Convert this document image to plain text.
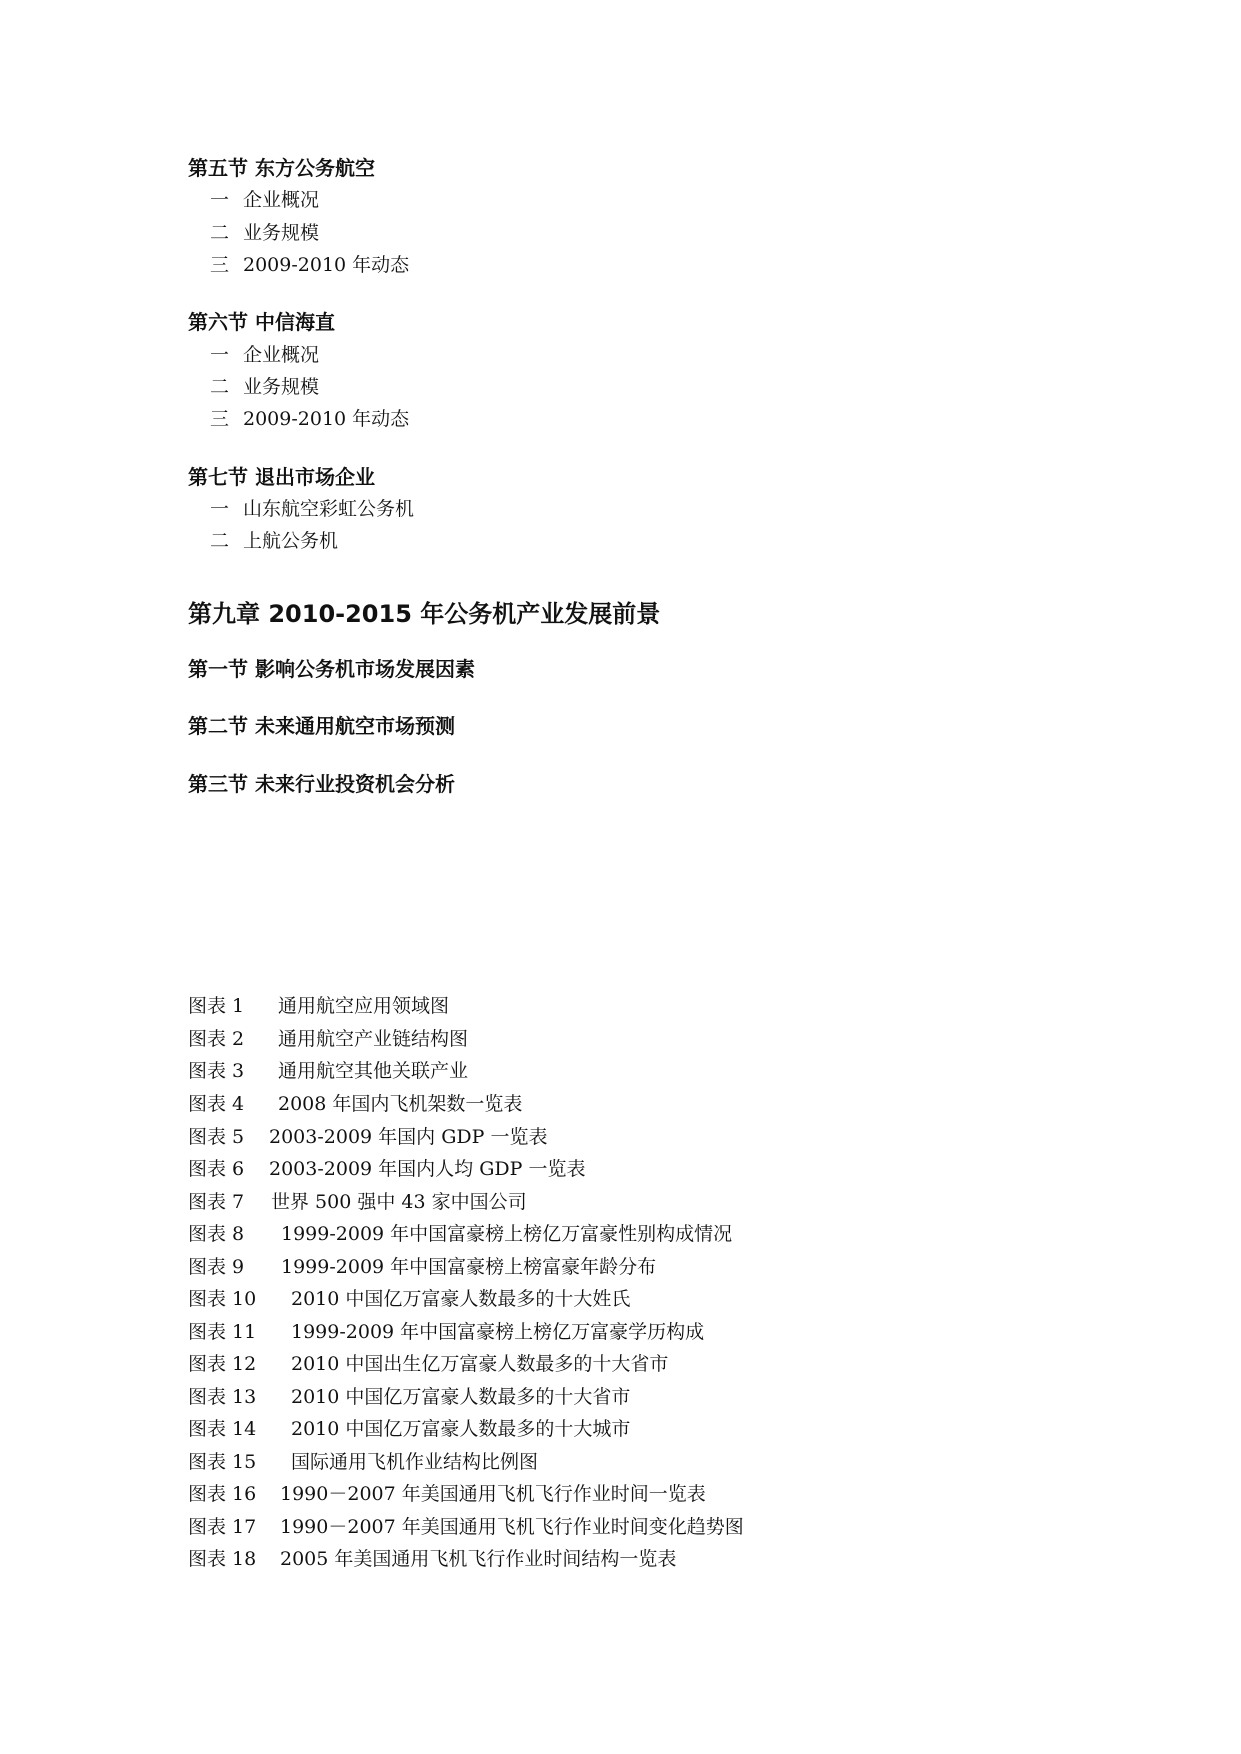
第五节 东方公务航空
一 企业概况
二 业务规模
三 2009-2010 年动态
第六节 中信海直
一 企业概况
二 业务规模
三 2009-2010 年动态
第七节 退出市场企业
一 山东航空彩虹公务机
二 上航公务机
第九章 2010-2015 年公务机产业发展前景
第一节 影响公务机市场发展因素
第二节 未来通用航空市场预测
第三节 未来行业投资机会分析
图表 1 通用航空应用领域图
图表 2 通用航空产业链结构图
图表 3 通用航空其他关联产业
图表 4 2008 年国内飞机架数一览表
图表 5 2003-2009 年国内 GDP 一览表
图表 6 2003-2009 年国内人均 GDP 一览表
图表 7 世界 500 强中 43 家中国公司
图表 8 1999-2009 年中国富豪榜上榜亿万富豪性别构成情况
图表 9 1999-2009 年中国富豪榜上榜富豪年龄分布
图表 10 2010 中国亿万富豪人数最多的十大姓氏
图表 11 1999-2009 年中国富豪榜上榜亿万富豪学历构成
图表 12 2010 中国出生亿万富豪人数最多的十大省市
图表 13 2010 中国亿万富豪人数最多的十大省市
图表 14 2010 中国亿万富豪人数最多的十大城市
图表 15 国际通用飞机作业结构比例图
图表 16 1990－2007 年美国通用飞机飞行作业时间一览表
图表 17 1990－2007 年美国通用飞机飞行作业时间变化趋势图
图表 18 2005 年美国通用飞机飞行作业时间结构一览表
